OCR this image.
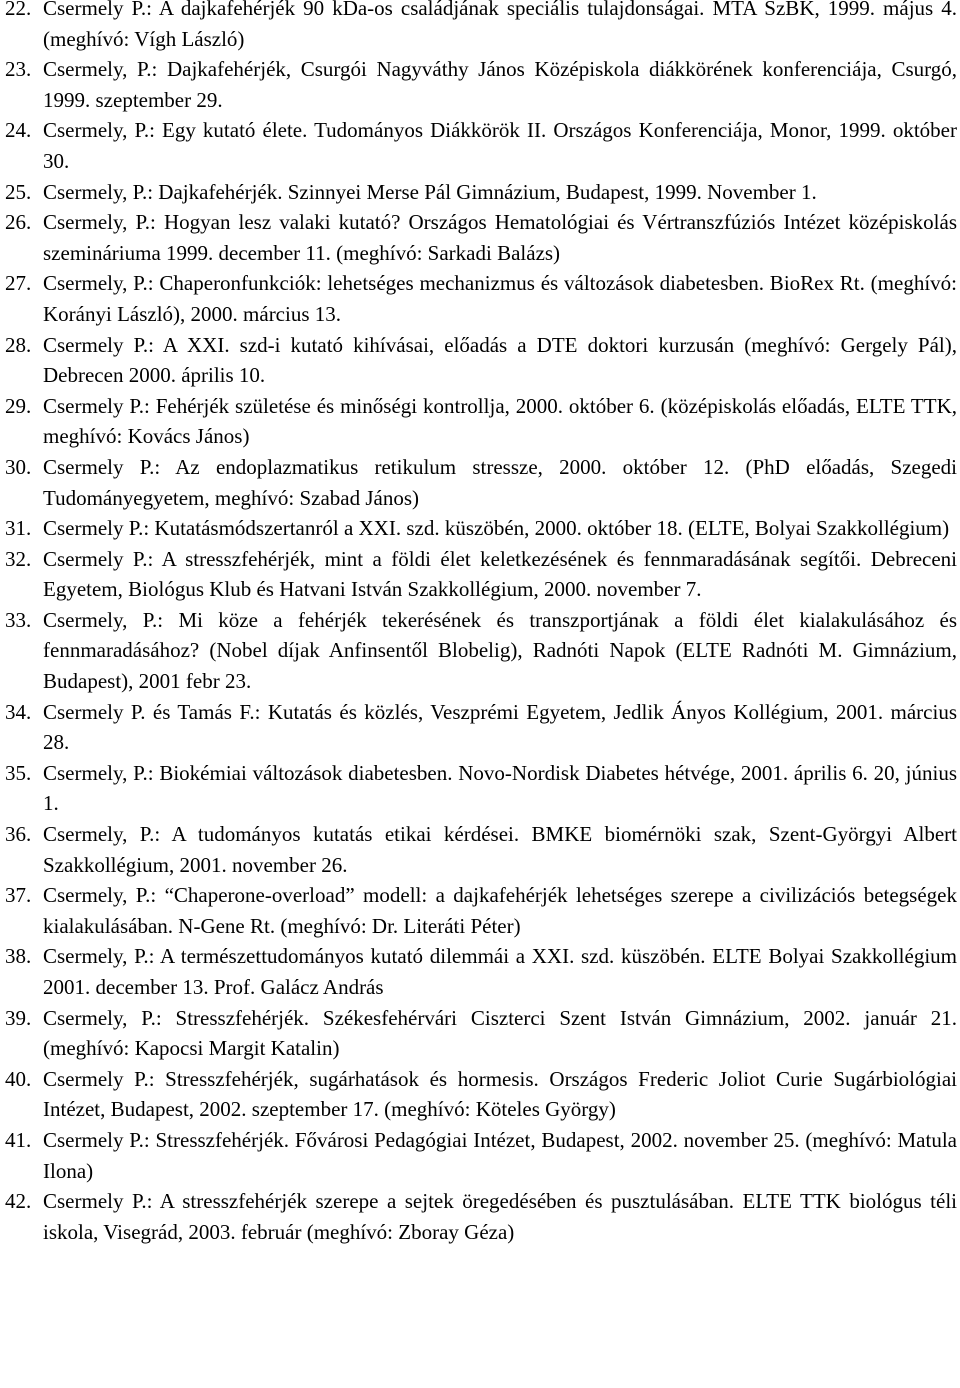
22. Csermely P.: A dajkafehérjék 90 kDa-os családjának speciális tulajdonságai. MTA SzBK, 1999. május 4. (meghívó: Vígh László)
23. Csermely, P.: Dajkafehérjék, Csurgói Nagyváthy János Középiskola diákkörének konferenciája, Csurgó, 1999. szeptember 29.
24. Csermely, P.: Egy kutató élete. Tudományos Diákkörök II. Országos Konferenciája, Monor, 1999. október 30.
25. Csermely, P.: Dajkafehérjék. Szinnyei Merse Pál Gimnázium, Budapest, 1999. November 1.
26. Csermely, P.: Hogyan lesz valaki kutató? Országos Hematológiai és Vértranszfúziós Intézet középiskolás szemináriuma 1999. december 11. (meghívó: Sarkadi Balázs)
27. Csermely, P.: Chaperonfunkciók: lehetséges mechanizmus és változások diabetesben. BioRex Rt. (meghívó: Korányi László), 2000. március 13.
28. Csermely P.: A XXI. szd-i kutató kihívásai, előadás a DTE doktori kurzusán (meghívó: Gergely Pál), Debrecen 2000. április 10.
29. Csermely P.: Fehérjék születése és minőségi kontrollja, 2000. október 6. (középiskolás előadás, ELTE TTK, meghívó: Kovács János)
30. Csermely P.: Az endoplazmatikus retikulum stressze, 2000. október 12. (PhD előadás, Szegedi Tudományegyetem, meghívó: Szabad János)
31. Csermely P.: Kutatásmódszertanról a XXI. szd. küszöbén, 2000. október 18. (ELTE, Bolyai Szakkollégium)
32. Csermely P.: A stresszfehérjék, mint a földi élet keletkezésének és fennmaradásának segítői. Debreceni Egyetem, Biológus Klub és Hatvani István Szakkollégium, 2000. november 7.
33. Csermely, P.: Mi köze a fehérjék tekerésének és transzportjának a földi élet kialakulásához és fennmaradásához? (Nobel díjak Anfinsentől Blobelig), Radnóti Napok (ELTE Radnóti M. Gimnázium, Budapest), 2001 febr 23.
34. Csermely P. és Tamás F.: Kutatás és közlés, Veszprémi Egyetem, Jedlik Ányos Kollégium, 2001. március 28.
35. Csermely, P.: Biokémiai változások diabetesben. Novo-Nordisk Diabetes hétvége, 2001. április 6. 20, június 1.
36. Csermely, P.: A tudományos kutatás etikai kérdései. BMKE biomérnöki szak, Szent-Györgyi Albert Szakkollégium, 2001. november 26.
37. Csermely, P.: “Chaperone-overload” modell: a dajkafehérjék lehetséges szerepe a civilizációs betegségek kialakulásában. N-Gene Rt. (meghívó: Dr. Literáti Péter)
38. Csermely, P.: A természettudományos kutató dilemmái a XXI. szd. küszöbén. ELTE Bolyai Szakkollégium 2001. december 13. Prof. Galácz András
39. Csermely, P.: Stresszfehérjék. Székesfehérvári Ciszterci Szent István Gimnázium, 2002. január 21. (meghívó: Kapocsi Margit Katalin)
40. Csermely P.: Stresszfehérjék, sugárhatások és hormesis. Országos Frederic Joliot Curie Sugárbiológiai Intézet, Budapest, 2002. szeptember 17. (meghívó: Köteles György)
41. Csermely P.: Stresszfehérjék. Fővárosi Pedagógiai Intézet, Budapest, 2002. november 25. (meghívó: Matula Ilona)
42. Csermely P.: A stresszfehérjék szerepe a sejtek öregedésében és pusztulásában. ELTE TTK biológus téli iskola, Visegrád, 2003. február (meghívó: Zboray Géza)
